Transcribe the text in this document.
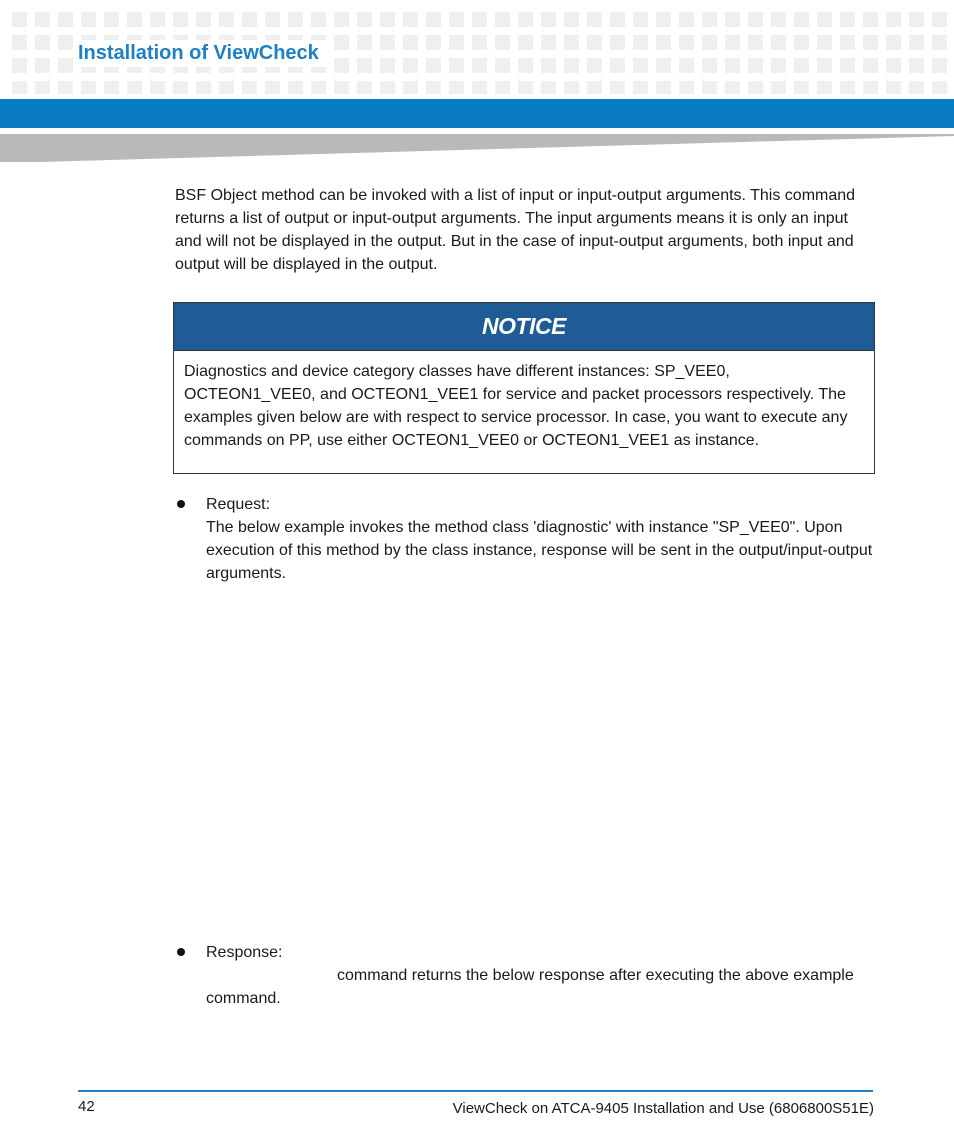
Installation of ViewCheck

BSF Object method can be invoked with a list of input or input-output arguments. This command returns a list of output or input-output arguments. The input arguments means it is only an input and will not be displayed in the output. But in the case of input-output arguments, both input and output will be displayed in the output.

NOTICE

Diagnostics and device category classes have different instances: SP_VEE0, OCTEON1_VEE0, and OCTEON1_VEE1 for service and packet processors respectively. The examples given below are with respect to service processor. In case, you want to execute any commands on PP, use either OCTEON1_VEE0 or OCTEON1_VEE1 as instance.

Request:

The below example invokes the method class 'diagnostic' with instance "SP_VEE0". Upon execution of this method by the class instance, response will be sent in the output/input-output arguments.

Response:

command returns the below response after executing the above example command.

42	ViewCheck on ATCA-9405 Installation and Use (6806800S51E)
